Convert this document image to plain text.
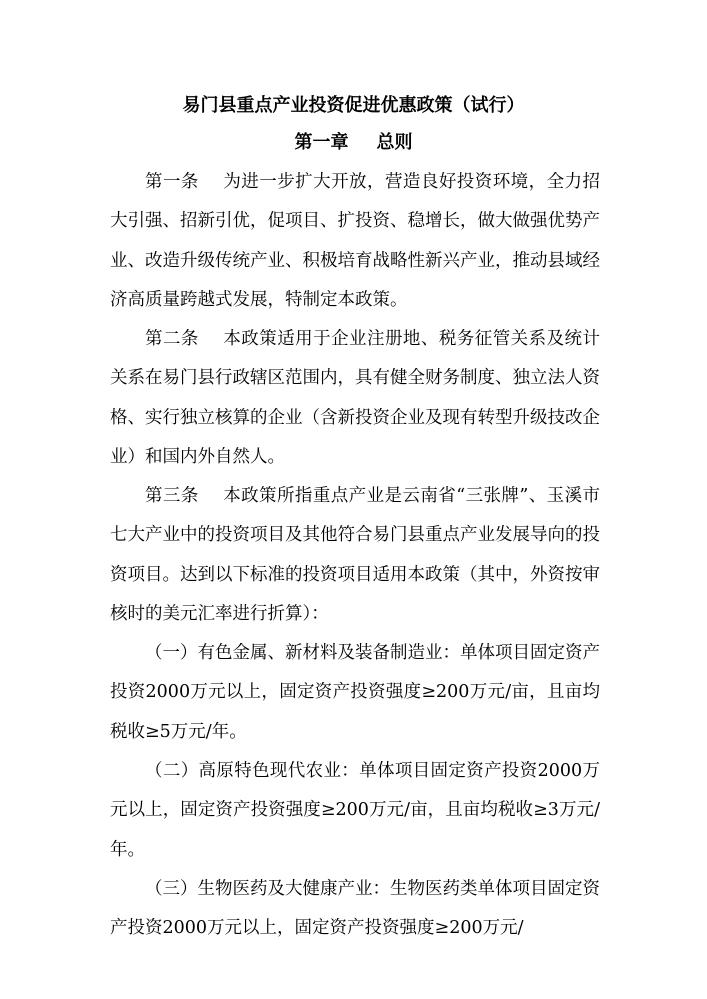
易门县重点产业投资促进优惠政策（试行）
第一章 总则

第一条 为进一步扩大开放，营造良好投资环境，全力招大引强、招新引优，促项目、扩投资、稳增长，做大做强优势产业、改造升级传统产业、积极培育战略性新兴产业，推动县域经济高质量跨越式发展，特制定本政策。

第二条 本政策适用于企业注册地、税务征管关系及统计关系在易门县行政辖区范围内，具有健全财务制度、独立法人资格、实行独立核算的企业（含新投资企业及现有转型升级技改企业）和国内外自然人。

第三条 本政策所指重点产业是云南省“三张牌”、玉溪市七大产业中的投资项目及其他符合易门县重点产业发展导向的投资项目。达到以下标准的投资项目适用本政策（其中，外资按审核时的美元汇率进行折算）：

（一）有色金属、新材料及装备制造业：单体项目固定资产投资2000万元以上，固定资产投资强度≥200万元/亩，且亩均税收≥5万元/年。

（二）高原特色现代农业：单体项目固定资产投资2000万元以上，固定资产投资强度≥200万元/亩，且亩均税收≥3万元/年。

（三）生物医药及大健康产业：生物医药类单体项目固定资产投资2000万元以上，固定资产投资强度≥200万元/
